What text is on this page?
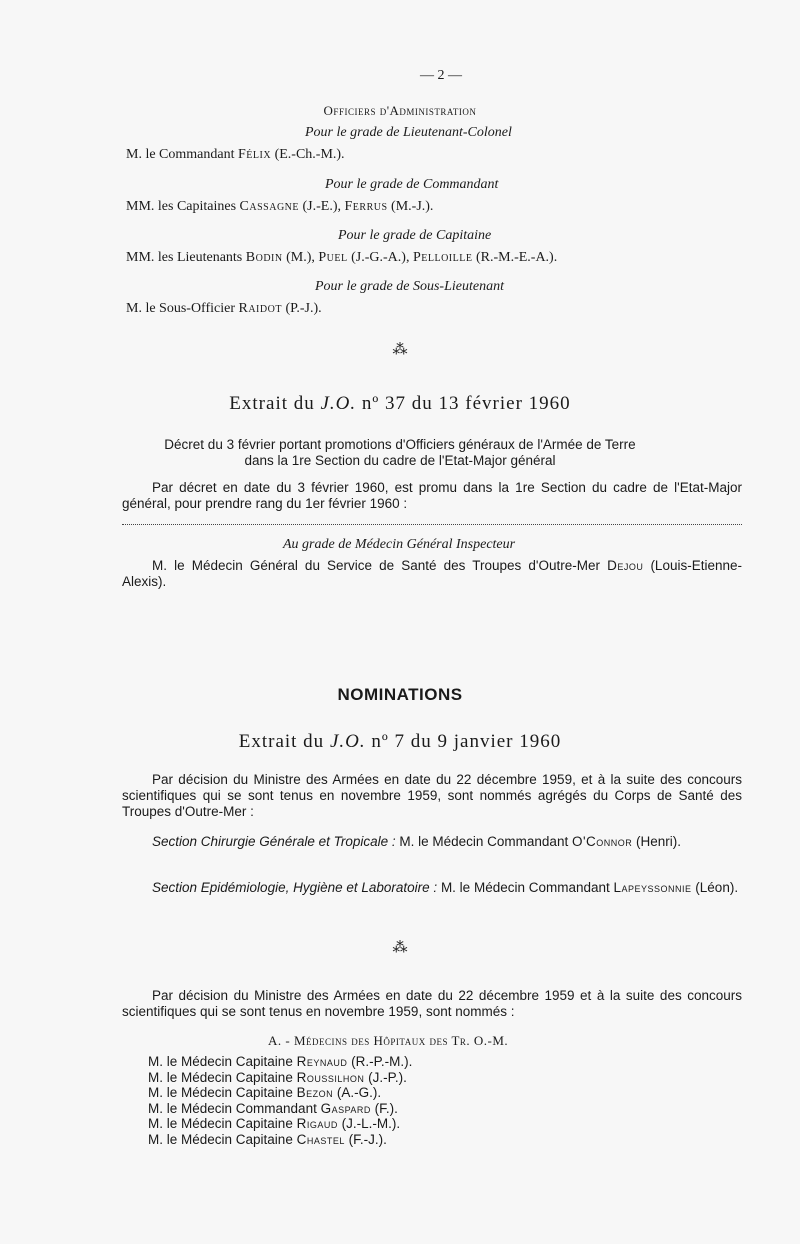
— 2 —
Officiers d'Administration
Pour le grade de Lieutenant-Colonel
M. le Commandant Félix (E.-Ch.-M.).
Pour le grade de Commandant
MM. les Capitaines Cassagne (J.-E.), Ferrus (M.-J.).
Pour le grade de Capitaine
MM. les Lieutenants Bodin (M.), Puel (J.-G.-A.), Pelloille (R.-M.-E.-A.).
Pour le grade de Sous-Lieutenant
M. le Sous-Officier Raidot (P.-J.).
⁂
Extrait du J.O. nº 37 du 13 février 1960
Décret du 3 février portant promotions d'Officiers généraux de l'Armée de Terre
dans la 1re Section du cadre de l'Etat-Major général
Par décret en date du 3 février 1960, est promu dans la 1re Section du cadre de l'Etat-Major général, pour prendre rang du 1er février 1960 :
Au grade de Médecin Général Inspecteur
M. le Médecin Général du Service de Santé des Troupes d'Outre-Mer Dejou (Louis-Etienne-Alexis).
NOMINATIONS
Extrait du J.O. nº 7 du 9 janvier 1960
Par décision du Ministre des Armées en date du 22 décembre 1959, et à la suite des concours scientifiques qui se sont tenus en novembre 1959, sont nommés agrégés du Corps de Santé des Troupes d'Outre-Mer :
Section Chirurgie Générale et Tropicale : M. le Médecin Commandant O'Connor (Henri).
Section Epidémiologie, Hygiène et Laboratoire : M. le Médecin Commandant Lapeyssonnie (Léon).
⁂
Par décision du Ministre des Armées en date du 22 décembre 1959 et à la suite des concours scientifiques qui se sont tenus en novembre 1959, sont nommés :
A. - Médecins des Hôpitaux des Tr. O.-M.
M. le Médecin Capitaine Reynaud (R.-P.-M.).
M. le Médecin Capitaine Roussilhon (J.-P.).
M. le Médecin Capitaine Bezon (A.-G.).
M. le Médecin Commandant Gaspard (F.).
M. le Médecin Capitaine Rigaud (J.-L.-M.).
M. le Médecin Capitaine Chastel (F.-J.).
